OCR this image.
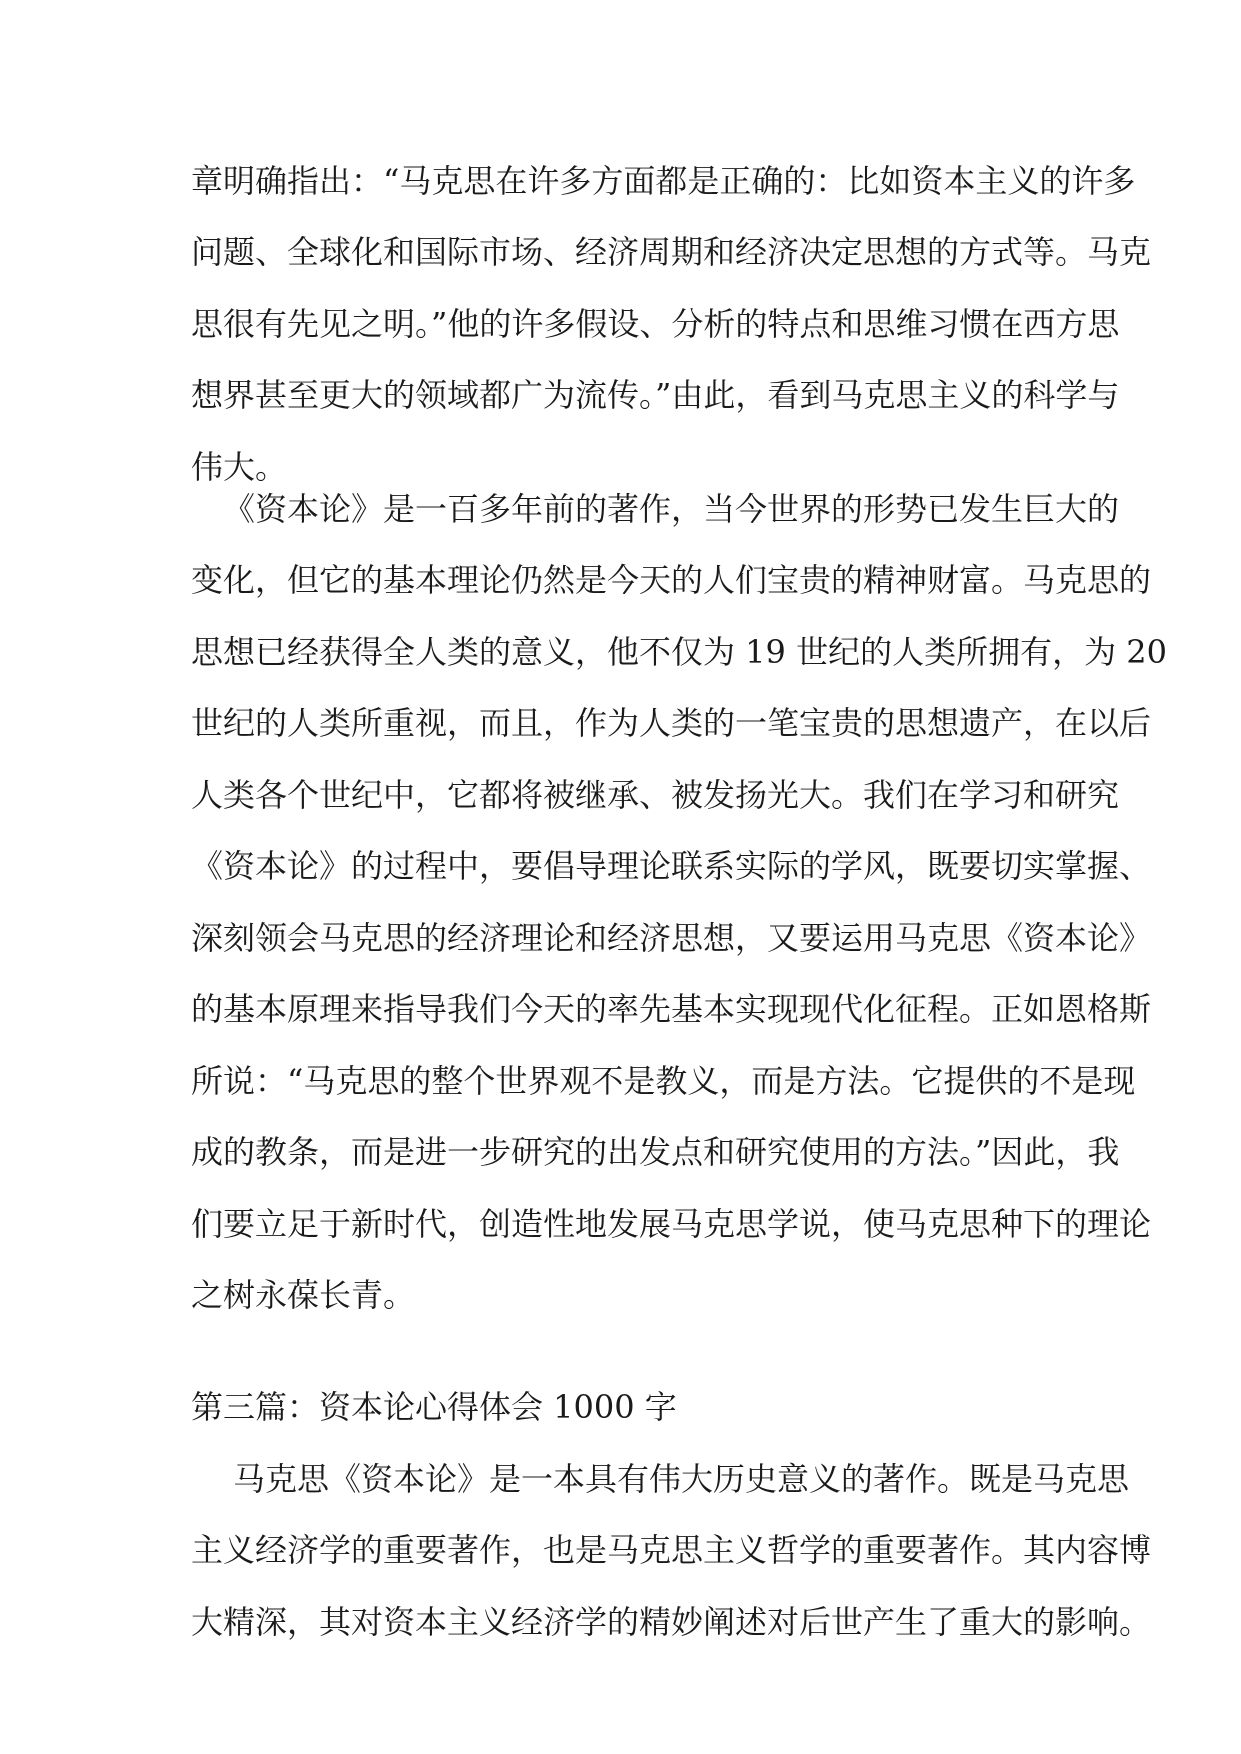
章明确指出：“马克思在许多方面都是正确的：比如资本主义的许多
问题、全球化和国际市场、经济周期和经济决定思想的方式等。马克
思很有先见之明。”他的许多假设、分析的特点和思维习惯在西方思
想界甚至更大的领域都广为流传。”由此，看到马克思主义的科学与
伟大。
《资本论》是一百多年前的著作，当今世界的形势已发生巨大的
变化，但它的基本理论仍然是今天的人们宝贵的精神财富。马克思的
思想已经获得全人类的意义，他不仅为 19 世纪的人类所拥有，为 20
世纪的人类所重视，而且，作为人类的一笔宝贵的思想遗产，在以后
人类各个世纪中，它都将被继承、被发扬光大。我们在学习和研究
《资本论》的过程中，要倡导理论联系实际的学风，既要切实掌握、
深刻领会马克思的经济理论和经济思想，又要运用马克思《资本论》
的基本原理来指导我们今天的率先基本实现现代化征程。正如恩格斯
所说：“马克思的整个世界观不是教义，而是方法。它提供的不是现
成的教条，而是进一步研究的出发点和研究使用的方法。”因此，我
们要立足于新时代，创造性地发展马克思学说，使马克思种下的理论
之树永葆长青。
第三篇：资本论心得体会 1000 字
马克思《资本论》是一本具有伟大历史意义的著作。既是马克思
主义经济学的重要著作，也是马克思主义哲学的重要著作。其内容博
大精深，其对资本主义经济学的精妙阐述对后世产生了重大的影响。
